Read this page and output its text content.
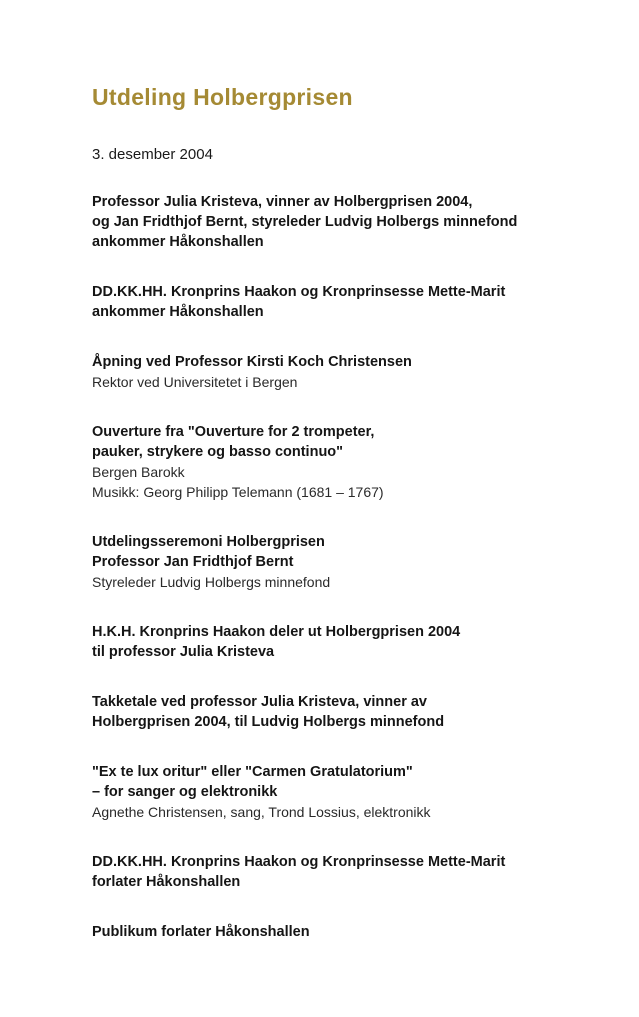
Utdeling Holbergprisen
3. desember 2004
Professor Julia Kristeva, vinner av Holbergprisen 2004,
og Jan Fridthjof Bernt, styreleder Ludvig Holbergs minnefond
ankommer Håkonshallen
DD.KK.HH. Kronprins Haakon og Kronprinsesse Mette-Marit
ankommer Håkonshallen
Åpning ved Professor Kirsti Koch Christensen
Rektor ved Universitetet i Bergen
Ouverture fra "Ouverture for 2 trompeter,
pauker, strykere og basso continuo"
Bergen Barokk
Musikk: Georg Philipp Telemann (1681 – 1767)
Utdelingsseremoni Holbergprisen
Professor Jan Fridthjof Bernt
Styreleder Ludvig Holbergs minnefond
H.K.H. Kronprins Haakon deler ut Holbergprisen 2004
til professor Julia Kristeva
Takketale ved professor Julia Kristeva, vinner av
Holbergprisen 2004, til Ludvig Holbergs minnefond
"Ex te lux oritur" eller "Carmen Gratulatorium"
– for sanger og elektronikk
Agnethe Christensen, sang, Trond Lossius, elektronikk
DD.KK.HH. Kronprins Haakon og Kronprinsesse Mette-Marit
forlater Håkonshallen
Publikum forlater Håkonshallen
